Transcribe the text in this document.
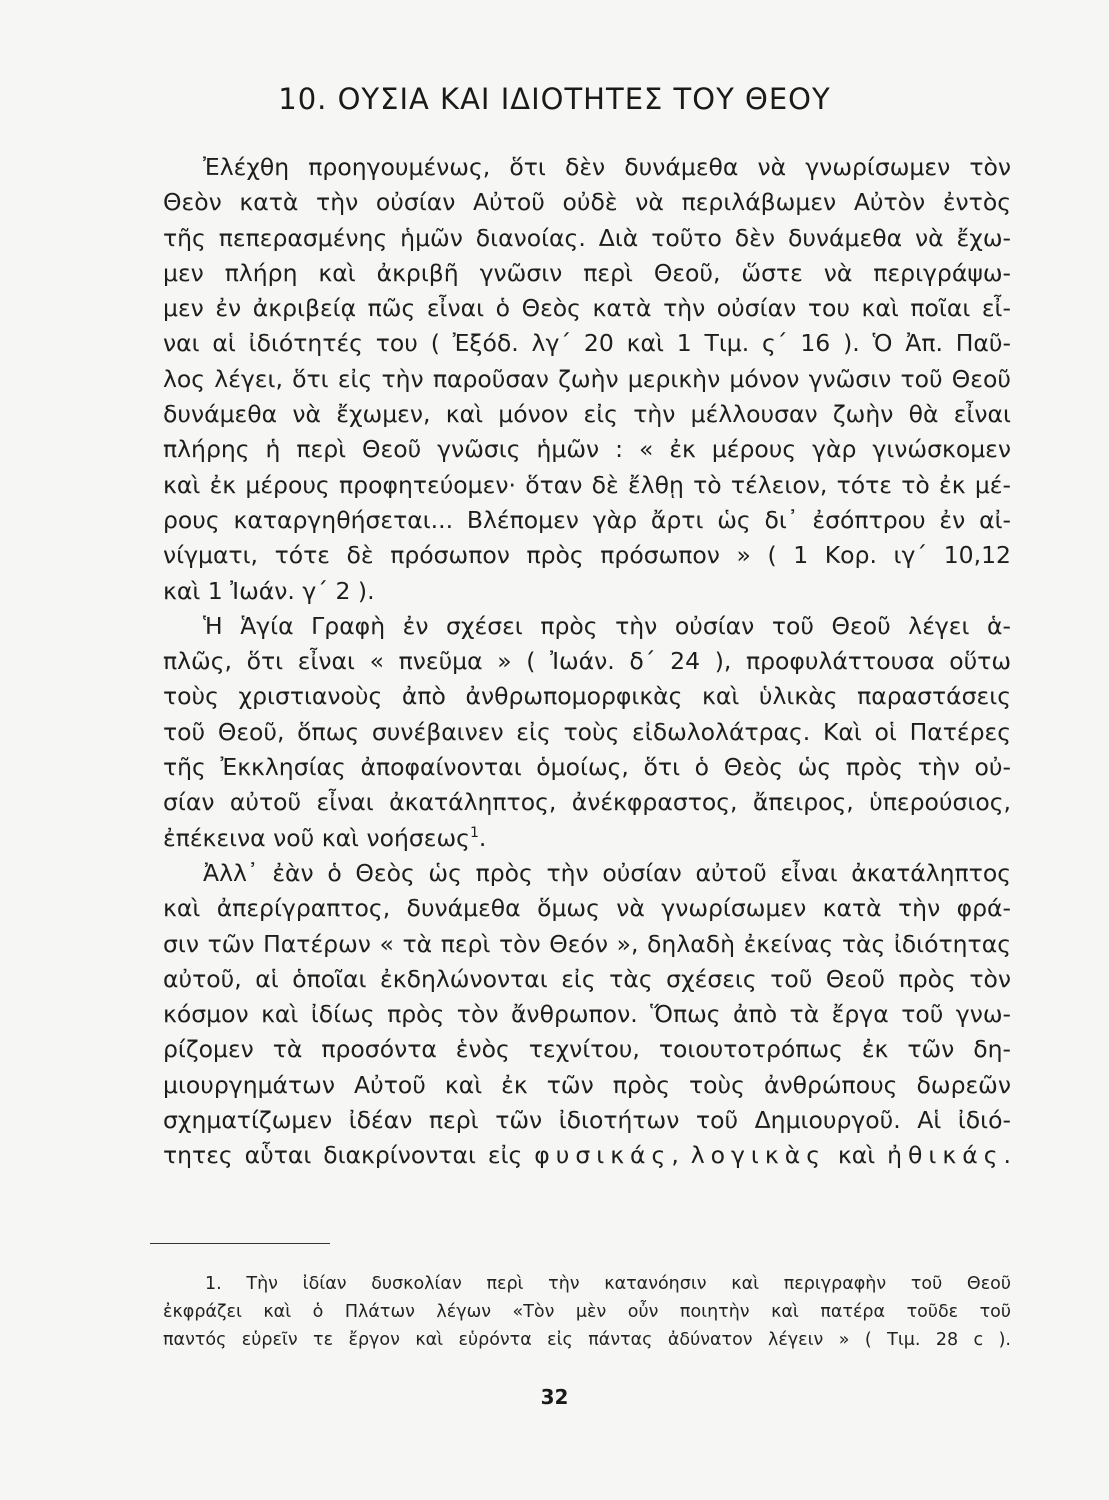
10. ΟΥΣΙΑ ΚΑΙ ΙΔΙΟΤΗΤΕΣ ΤΟΥ ΘΕΟΥ
Ἐλέχθη προηγουμένως, ὅτι δὲν δυνάμεθα νὰ γνωρίσωμεν τὸν
Θεὸν κατὰ τὴν οὐσίαν Αὐτοῦ οὐδὲ νὰ περιλάβωμεν Αὐτὸν ἐντὸς
τῆς πεπερασμένης ἡμῶν διανοίας. Διὰ τοῦτο δὲν δυνάμεθα νὰ ἔχω-
μεν πλήρη καὶ ἀκριβῆ γνῶσιν περὶ Θεοῦ, ὥστε νὰ περιγράψω-
μεν ἐν ἀκριβείᾳ πῶς εἶναι ὁ Θεὸς κατὰ τὴν οὐσίαν του καὶ ποῖαι εἶ-
ναι αἱ ἰδιότητές του ( Ἐξόδ. λγ΄ 20 καὶ 1 Τιμ. ς΄ 16 ). Ὁ Ἀπ. Παῦ-
λος λέγει, ὅτι εἰς τὴν παροῦσαν ζωὴν μερικὴν μόνον γνῶσιν τοῦ Θεοῦ
δυνάμεθα νὰ ἔχωμεν, καὶ μόνον εἰς τὴν μέλλουσαν ζωὴν θὰ εἶναι
πλήρης ἡ περὶ Θεοῦ γνῶσις ἡμῶν : « ἐκ μέρους γὰρ γινώσκομεν
καὶ ἐκ μέρους προφητεύομεν· ὅταν δὲ ἔλθῃ τὸ τέλειον, τότε τὸ ἐκ μέ-
ρους καταργηθήσεται... Βλέπομεν γὰρ ἄρτι ὡς δι᾽ ἐσόπτρου ἐν αἰ-
νίγματι, τότε δὲ πρόσωπον πρὸς πρόσωπον » ( 1 Κορ. ιγ΄ 10,12
καὶ 1 Ἰωάν. γ΄ 2 ).
Ἡ Ἁγία Γραφὴ ἐν σχέσει πρὸς τὴν οὐσίαν τοῦ Θεοῦ λέγει ἁ-
πλῶς, ὅτι εἶναι « πνεῦμα » ( Ἰωάν. δ΄ 24 ), προφυλάττουσα οὕτω
τοὺς χριστιανοὺς ἀπὸ ἀνθρωπομορφικὰς καὶ ὑλικὰς παραστάσεις
τοῦ Θεοῦ, ὅπως συνέβαινεν εἰς τοὺς εἰδωλολάτρας. Καὶ οἱ Πατέρες
τῆς Ἐκκλησίας ἀποφαίνονται ὁμοίως, ὅτι ὁ Θεὸς ὡς πρὸς τὴν οὐ-
σίαν αὐτοῦ εἶναι ἀκατάληπτος, ἀνέκφραστος, ἄπειρος, ὑπερούσιος,
ἐπέκεινα νοῦ καὶ νοήσεως$^1$.
Ἀλλ᾽ ἐὰν ὁ Θεὸς ὡς πρὸς τὴν οὐσίαν αὐτοῦ εἶναι ἀκατάληπτος
καὶ ἀπερίγραπτος, δυνάμεθα ὅμως νὰ γνωρίσωμεν κατὰ τὴν φρά-
σιν τῶν Πατέρων « τὰ περὶ τὸν Θεόν », δηλαδὴ ἐκείνας τὰς ἰδιότητας
αὐτοῦ, αἱ ὁποῖαι ἐκδηλώνονται εἰς τὰς σχέσεις τοῦ Θεοῦ πρὸς τὸν
κόσμον καὶ ἰδίως πρὸς τὸν ἄνθρωπον. Ὅπως ἀπὸ τὰ ἔργα τοῦ γνω-
ρίζομεν τὰ προσόντα ἑνὸς τεχνίτου, τοιουτοτρόπως ἐκ τῶν δη-
μιουργημάτων Αὐτοῦ καὶ ἐκ τῶν πρὸς τοὺς ἀνθρώπους δωρεῶν
σχηματίζωμεν ἰδέαν περὶ τῶν ἰδιοτήτων τοῦ Δημιουργοῦ. Αἱ ἰδιό-
τητες αὗται διακρίνονται εἰς φυσικάς, λογικὰς καὶ ἠθικάς.
1. Τὴν ἰδίαν δυσκολίαν περὶ τὴν κατανόησιν καὶ περιγραφὴν τοῦ Θεοῦ
ἐκφράζει καὶ ὁ Πλάτων λέγων «Τὸν μὲν οὖν ποιητὴν καὶ πατέρα τοῦδε τοῦ
παντός εὑρεῖν τε ἔργον καὶ εὑρόντα εἰς πάντας ἀδύνατον λέγειν » ( Τιμ. 28 c ).
32
